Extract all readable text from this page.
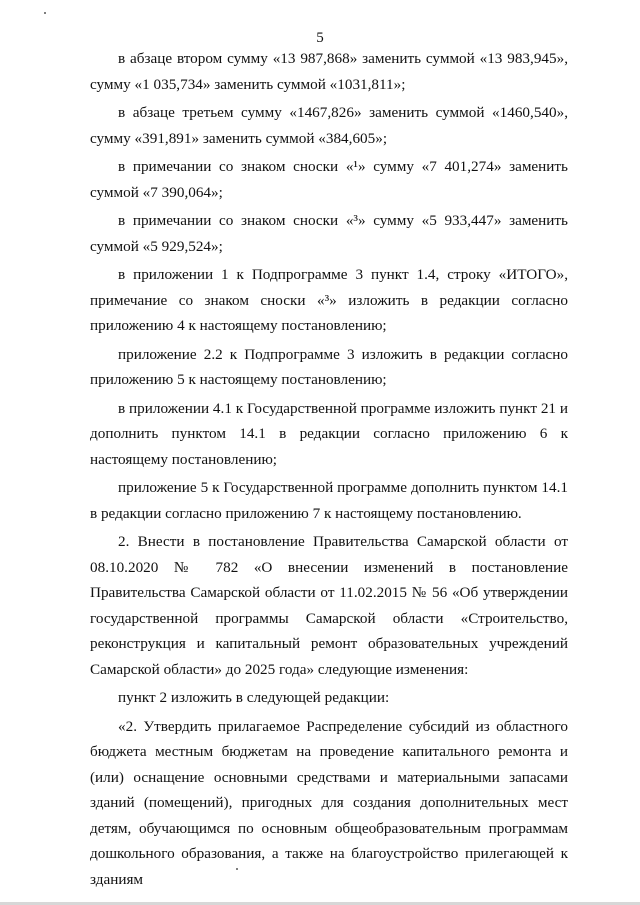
5

в абзаце втором сумму «13 987,868» заменить суммой «13 983,945», сумму «1 035,734» заменить суммой «1031,811»;

в абзаце третьем сумму «1467,826» заменить суммой «1460,540», сумму «391,891» заменить суммой «384,605»;

в примечании со знаком сноски «¹» сумму «7 401,274» заменить суммой «7 390,064»;

в примечании со знаком сноски «³» сумму «5 933,447» заменить суммой «5 929,524»;

в приложении 1 к Подпрограмме 3 пункт 1.4, строку «ИТОГО», примечание со знаком сноски «³» изложить в редакции согласно приложению 4 к настоящему постановлению;

приложение 2.2 к Подпрограмме 3 изложить в редакции согласно приложению 5 к настоящему постановлению;

в приложении 4.1 к Государственной программе изложить пункт 21 и дополнить пунктом 14.1 в редакции согласно приложению 6 к настоящему постановлению;

приложение 5 к Государственной программе дополнить пунктом 14.1 в редакции согласно приложению 7 к настоящему постановлению.

2. Внести в постановление Правительства Самарской области от 08.10.2020 № 782 «О внесении изменений в постановление Правительства Самарской области от 11.02.2015 № 56 «Об утверждении государственной программы Самарской области «Строительство, реконструкция и капитальный ремонт образовательных учреждений Самарской области» до 2025 года» следующие изменения:

пункт 2 изложить в следующей редакции:

«2. Утвердить прилагаемое Распределение субсидий из областного бюджета местным бюджетам на проведение капитального ремонта и (или) оснащение основными средствами и материальными запасами зданий (помещений), пригодных для создания дополнительных мест детям, обучающимся по основным общеобразовательным программам дошкольного образования, а также на благоустройство прилегающей к зданиям
